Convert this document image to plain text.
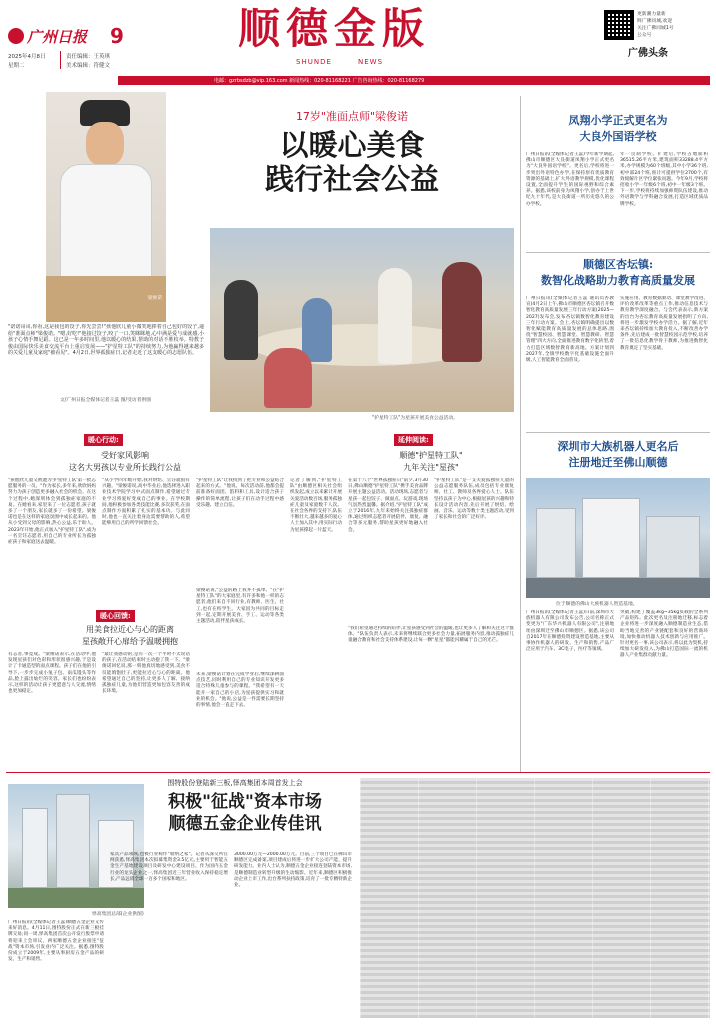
广州日报 9
2025年4月8日
星期二
责任编辑：王英琪
美术编辑：符健文
顺德金版
SHUNDE	NEWS
更新潮力量新
鲜广佛同城,欢迎
关注广佛同城1号
公众号
广佛头条
电邮：gzrbsdzb@vip.163.com 新闻热线：020-81168221 广告咨询热线：020-81168279
梁俊诺
17岁"准面点师"梁俊诺
以暖心美食
践行社会公益
"护星特工队"为星孩开展美食公益活动。
"诺诺哥哥,你看,这是我包的饺子,你先尝尝!"孩他欣儿童小微笑地捧着自己包好的饺子,递给"准面点师"梁俊诺。"嗯,好吃!"他接过饺子,咬了一口,笑眯眯地,心中满是爱与成就感,小孩子心情手舞足蹈。这已是一年多时间里,他以暖心的结果,帮助的对话不胜枚举。特教子俊由国际快乐美食交流平台上重启发展——"护星特工队"的持续努力,为他赢得越来越多的关爱儿童及家庭"被看见"。4月2日,世界孤独症日,记者走近了这支暖心的志愿队伍。
文/广州日报全媒体记者王蕊 图/受访者供图
暖心行动:
受好家风影响
这名大男孩以专业所长践行公益
"孩他欣儿童又被邀为'护星特工队'第一批志愿服务的一员。"作为家长,多年来,欣欣妈妈努力为孩子创造更多融入社会的机会。在这个过程中,她深刻体会到孤独症家庭的不易。在她看来,家里来了一位志愿者,孩子就多了一个朋友,家长就多了一份希望。梁俊诺也是在这样的家庭氛围中成长起来的。他从小受到父母的影响,热心公益,乐于助人。2023年开始,他正式加入"护星特工队",成为一名烹饪志愿者,用自己的专业所长为孤独症孩子和家庭送去温暖。
"从小学四年级开始,我对烘焙、烹饪就很有兴趣。"梁俊诺说,高中毕业后,他选择进入职业技术学院学习中式面点制作,希望通过专业学习将爱好变成自己的事业。在学校期间,他积极参加各类技能比赛,多次获奖,在面点制作方面积累了扎实的基本功。与此同时,他也一直关注着身边需要帮助的人,希望能够用自己的所学回馈社会。
"护星特工队"让我找到了把专业和公益结合起来的方式。"他说。每次活动前,他都会提前准备好面团、馅料和工具,设计适合孩子操作的简单流程,让孩子们在动手过程中感受乐趣、建立自信。
暖心回馈:
用美食拉近心与心的距离
星孩敞开心扉给予温暖拥抱
有志者,事竟成。"梁俊诺表示,在活动中,他发现星孩们对色彩和形状很感兴趣,于是设计了卡通造型的面点课程。孩子们在他的引导下,一步步完成小兔子包、南瓜馒头等作品,脸上露出灿烂的笑容。家长们也纷纷表示,这样的活动让孩子更愿意与人交流,情绪也更加稳定。
"最让我感动的,是有一次一个平时不太说话的孩子,在活动结束时主动抱了我一下。"梁俊诺回忆说,那一刻他真切地感受到,美食不仅能填饱肚子,更能拉近心与心的距离。他希望通过自己的坚持,让更多人了解、接纳孤独症儿童,为他们营造更加包容友善的成长环境。
梁俊诺说,"公益的路上我并不孤单。"在"护星特工队"的大家庭里,有许多和他一样的志愿者,他们来自不同行业,有教师、医生、社工,也有在校学生。大家因为共同的目标走到一起,定期开展美食、手工、运动等各类主题活动,陪伴星孩成长。
未来,梁俊诺计划在完成学业后,继续深耕面点技艺,同时利用自己的专业知识开发更多适合特殊儿童参与的课程。"我希望有一天能开一家自己的小店,为星孩提供实习和就业的机会。"他说,公益是一件需要长期坚持的事情,他会一直走下去。
记者了解到,"护星特工队"由顺德区相关社会组织发起,成立以来累计开展关爱活动数百场,服务孤独症儿童及家庭数千人次。在社会各界的支持下,队伍不断壮大,越来越多的爱心人士加入其中,用实际行动为星孩撑起一片蓝天。
延伸阅读:
顺德"护星特工队"
九年关注"星孩"
在第十八个"世界孤独症日"前夕,3月30日,佛山顺德"护星特工队"携手美食品牌开展主题公益活动。活动现场,志愿者与星孩一起包饺子、做面点、玩游戏,现场气氛热烈温馨。据介绍,"护星特工队"成立于2016年,九年来始终关注孤独症群体,通过组织志愿者开展陪伴、康复、融合等多元服务,帮助星孩更好地融入社会。
"护星特工队"是一支关爱孤独症儿童的公益志愿服务队伍,成员包括专业康复师、社工、教师及各界爱心人士。队伍坚持以孩子为中心,根据星孩的兴趣和特长设计活动内容,先后开展了烘焙、绘画、音乐、运动等数十类主题活动,受到了家长和社会的广泛好评。
"我们希望通过持续的陪伴,让星孩感受到社会的温暖,也让更多人了解和关注这个群体。"队伍负责人表示,未来将继续联合更多社会力量,拓展服务内容,推动孤独症儿童融合教育和社会支持体系建设,让每一颗"星星"都能闪耀属于自己的光芒。
凤翔小学正式更名为
大良外国语学校
广州日报讯(全媒体记者王蕊)今年新学期起,佛山市顺德区大良街道凤翔小学正式更名为"大良外国语学校"。更名后,学校将进一步突出外语特色办学,在保持原有优质教育资源的基础上,扩大外语教学规模,优化课程设置,全面提升学生的国际视野和综合素养。据悉,该校前身为凤翔小学,创办于上世纪九十年代,是大良街道一所历史悠久的公办学校。
年一贯制学校。扩建后,学校占地面积36515.26平方米,建筑面积33288.4平方米,办学规模为60个班级,其中小学36个班,初中部24个班,预计可提供学位2700个,有效缓解片区学位紧张问题。今年9月,学校将招收小学一年级6个班,初中一年级3个班。下一步,学校将持续加强师资队伍建设,推动外语教学与学科融合发展,打造区域优质品牌学校。
顺德区杏坛镇:
数智化战略助力教育高质量发展
广州日报讯(全媒体记者王蕊 通讯员杏教宣)4月2日上午,佛山市顺德区杏坛镇召开数智化教育高质量发展三年行动方案(2025—2027)发布会,发布杏坛镇数智化教育建设三年行动方案。会上,杏坛镇明确提出以数智化赋能教育高质量发展的总体思路,围绕"智慧校园、智慧课堂、智慧教研、智慧管理"四大方向,全面推进教育数字化转型,着力打造区域数智教育新高地。方案计划到2027年,全镇学校数字化基础设施全面升级,人工智能教育全面普及。
实施应用、教育数据驱动、课堂教学改进、评价改革改革等重点工作,推动信息技术与教育教学深度融合。与会代表表示,新方案的出台为杏坛教育高质量发展指明了方向,将进一步激发学校办学活力。据了解,近年来杏坛镇持续加大教育投入,不断改善办学条件,先后建成一批智慧校园示范学校,培养了一批信息化教学骨干教师,为推进数智化教育奠定了坚实基础。
深圳市大族机器人更名后
注册地迁至佛山顺德
位于顺德的佛山大族机器人智造基地。
广州日报讯(全媒体记者王蕊)日前,深圳市大族机器人有限公司发布公告,公司名称正式变更为"广东华兴机器人有限公司",注册地址由深圳迁至佛山市顺德区。据悉,该公司自2017年在顺德投资建设智造基地,主要从事协作机器人的研发、生产和销售,产品广泛应用于汽车、3C电子、医疗等领域。
突破,构建了覆盖3kg~35kg负载的全系列产品矩阵。此次更名及注册地迁移,标志着企业将进一步深度融入顺德制造业生态,借助当地完善的产业链配套和良好的营商环境,加快推动机器人技术创新与应用推广。针对更名一事,该公司表示,将以此为契机,持续加大研发投入,为佛山打造国际一流的机器人产业集群贡献力量。
围特股份登陆新三板,怿高集团本周首发上会
积极"征战"资本市场
顺德五金企业传佳讯
怿高集团总部(企业供图)
广州日报讯(全媒体记者王蕊)顺德五金企业又传来好消息。4月11日,围特股份正式在新三板挂牌交易;同一周,怿高集团首次公开发行股票申请将迎来上会审议。两家顺德五金企业接连"征战"资本市场,引发业内广泛关注。据悉,围特股份成立于2009年,主要从事厨房五金产品的研发、生产和销售。
家具产品领域,也被行业称作"收纳之家"。记者从深交所官网获悉,怿高集团本次拟募集资金3.5亿元,主要用于智能五金生产基地建设项目及研发中心建设项目。作为国内五金行业的龙头企业之一,怿高集团近三年营业收入保持稳定增长,产品远销全球一百多个国家和地区。
3000.00万元—2000.00万元。目前,三个项目已在佛山市顺德区完成备案,项目建成后将进一步扩大公司产能、提升研发能力。业内人士认为,顺德五金企业接连登陆资本市场,是顺德制造业转型升级的生动缩影。近年来,顺德区积极推动企业上市工作,出台系列扶持政策,培育了一批专精特新企业。
